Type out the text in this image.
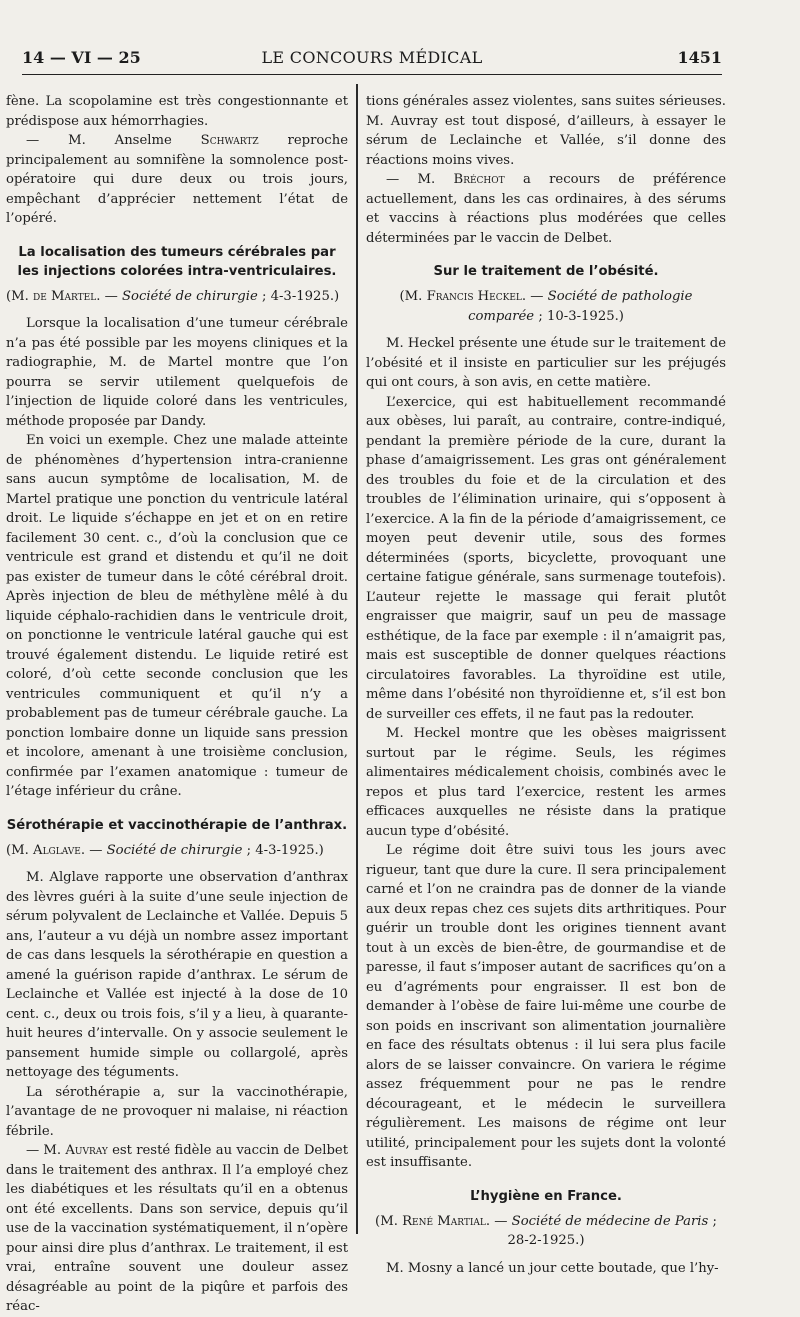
14 — VI — 25	LE CONCOURS MÉDICAL	1451

fène. La scopolamine est très congestionnante et prédispose aux hémorrhagies.

— M. Anselme Schwartz reproche principalement au somnifène la somnolence post-opératoire qui dure deux ou trois jours, empêchant d’apprécier nettement l’état de l’opéré.

La localisation des tumeurs cérébrales par les injections colorées intra-ventriculaires.

(M. de Martel. — Société de chirurgie ; 4-3-1925.)

Lorsque la localisation d’une tumeur cérébrale n’a pas été possible par les moyens cliniques et la radiographie, M. de Martel montre que l’on pourra se servir utilement quelquefois de l’injection de liquide coloré dans les ventricules, méthode proposée par Dandy.

En voici un exemple. Chez une malade atteinte de phénomènes d’hypertension intra-cranienne sans aucun symptôme de localisation, M. de Martel pratique une ponction du ventricule latéral droit. Le liquide s’échappe en jet et on en retire facilement 30 cent. c., d’où la conclusion que ce ventricule est grand et distendu et qu’il ne doit pas exister de tumeur dans le côté cérébral droit. Après injection de bleu de méthylène mêlé à du liquide céphalo-rachidien dans le ventricule droit, on ponctionne le ventricule latéral gauche qui est trouvé également distendu. Le liquide retiré est coloré, d’où cette seconde conclusion que les ventricules communiquent et qu’il n’y a probablement pas de tumeur cérébrale gauche. La ponction lombaire donne un liquide sans pression et incolore, amenant à une troisième conclusion, confirmée par l’examen anatomique : tumeur de l’étage inférieur du crâne.

Sérothérapie et vaccinothérapie de l’anthrax.

(M. Alglave. — Société de chirurgie ; 4-3-1925.)

M. Alglave rapporte une observation d’anthrax des lèvres guéri à la suite d’une seule injection de sérum polyvalent de Leclainche et Vallée. Depuis 5 ans, l’auteur a vu déjà un nombre assez important de cas dans lesquels la sérothérapie en question a amené la guérison rapide d’anthrax. Le sérum de Leclainche et Vallée est injecté à la dose de 10 cent. c., deux ou trois fois, s’il y a lieu, à quarante-huit heures d’intervalle. On y associe seulement le pansement humide simple ou collargolé, après nettoyage des téguments.

La sérothérapie a, sur la vaccinothérapie, l’avantage de ne provoquer ni malaise, ni réaction fébrile.

— M. Auvray est resté fidèle au vaccin de Delbet dans le traitement des anthrax. Il l’a employé chez les diabétiques et les résultats qu’il en a obtenus ont été excellents. Dans son service, depuis qu’il use de la vaccination systématiquement, il n’opère pour ainsi dire plus d’anthrax. Le traitement, il est vrai, entraîne souvent une douleur assez désagréable au point de la piqûre et parfois des réac-

tions générales assez violentes, sans suites sérieuses. M. Auvray est tout disposé, d’ailleurs, à essayer le sérum de Leclainche et Vallée, s’il donne des réactions moins vives.

— M. Bréchot a recours de préférence actuellement, dans les cas ordinaires, à des sérums et vaccins à réactions plus modérées que celles déterminées par le vaccin de Delbet.

Sur le traitement de l’obésité.

(M. Francis Heckel. — Société de pathologie comparée ; 10-3-1925.)

M. Heckel présente une étude sur le traitement de l’obésité et il insiste en particulier sur les préjugés qui ont cours, à son avis, en cette matière.

L’exercice, qui est habituellement recommandé aux obèses, lui paraît, au contraire, contre-indiqué, pendant la première période de la cure, durant la phase d’amaigrissement. Les gras ont généralement des troubles du foie et de la circulation et des troubles de l’élimination urinaire, qui s’opposent à l’exercice. A la fin de la période d’amaigrissement, ce moyen peut devenir utile, sous des formes déterminées (sports, bicyclette, provoquant une certaine fatigue générale, sans surmenage toutefois). L’auteur rejette le massage qui ferait plutôt engraisser que maigrir, sauf un peu de massage esthétique, de la face par exemple : il n’amaigrit pas, mais est susceptible de donner quelques réactions circulatoires favorables. La thyroïdine est utile, même dans l’obésité non thyroïdienne et, s’il est bon de surveiller ces effets, il ne faut pas la redouter.

M. Heckel montre que les obèses maigrissent surtout par le régime. Seuls, les régimes alimentaires médicalement choisis, combinés avec le repos et plus tard l’exercice, restent les armes efficaces auxquelles ne résiste dans la pratique aucun type d’obésité.

Le régime doit être suivi tous les jours avec rigueur, tant que dure la cure. Il sera principalement carné et l’on ne craindra pas de donner de la viande aux deux repas chez ces sujets dits arthritiques. Pour guérir un trouble dont les origines tiennent avant tout à un excès de bien-être, de gourmandise et de paresse, il faut s’imposer autant de sacrifices qu’on a eu d’agréments pour engraisser. Il est bon de demander à l’obèse de faire lui-même une courbe de son poids en inscrivant son alimentation journalière en face des résultats obtenus : il lui sera plus facile alors de se laisser convaincre. On variera le régime assez fréquemment pour ne pas le rendre décourageant, et le médecin le surveillera régulièrement. Les maisons de régime ont leur utilité, principalement pour les sujets dont la volonté est insuffisante.

L’hygiène en France.

(M. René Martial. — Société de médecine de Paris ; 28-2-1925.)

M. Mosny a lancé un jour cette boutade, que l’hy-
